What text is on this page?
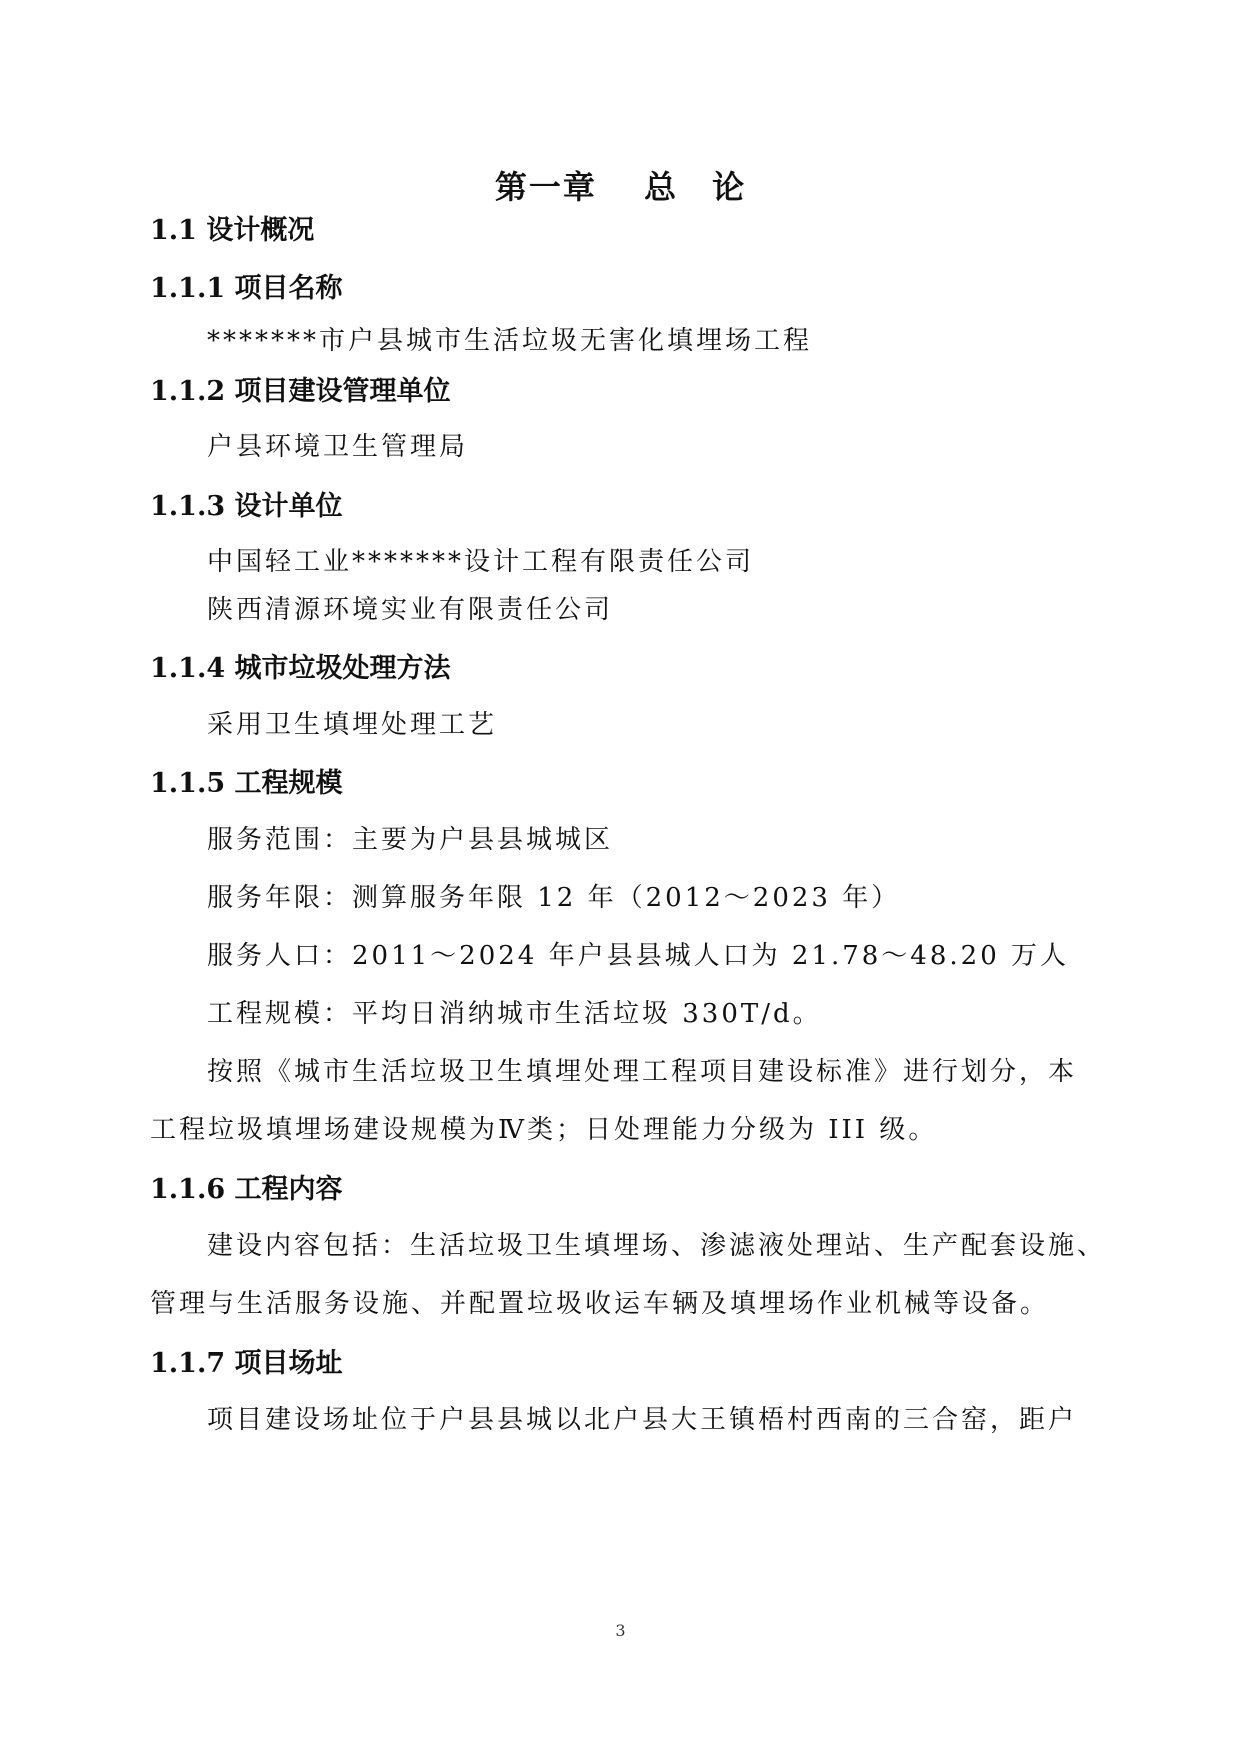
第一章　 总　论
1.1 设计概况
1.1.1 项目名称
*******市户县城市生活垃圾无害化填埋场工程
1.1.2 项目建设管理单位
户县环境卫生管理局
1.1.3 设计单位
中国轻工业*******设计工程有限责任公司
陕西清源环境实业有限责任公司
1.1.4 城市垃圾处理方法
采用卫生填埋处理工艺
1.1.5 工程规模
服务范围：主要为户县县城城区
服务年限：测算服务年限 12 年（2012～2023 年）
服务人口：2011～2024 年户县县城人口为 21.78～48.20 万人
工程规模：平均日消纳城市生活垃圾 330T/d。
按照《城市生活垃圾卫生填埋处理工程项目建设标准》进行划分，本
工程垃圾填埋场建设规模为Ⅳ类；日处理能力分级为 III 级。
1.1.6 工程内容
建设内容包括：生活垃圾卫生填埋场、渗滤液处理站、生产配套设施、
管理与生活服务设施、并配置垃圾收运车辆及填埋场作业机械等设备。
1.1.7 项目场址
项目建设场址位于户县县城以北户县大王镇梧村西南的三合窑，距户
3
